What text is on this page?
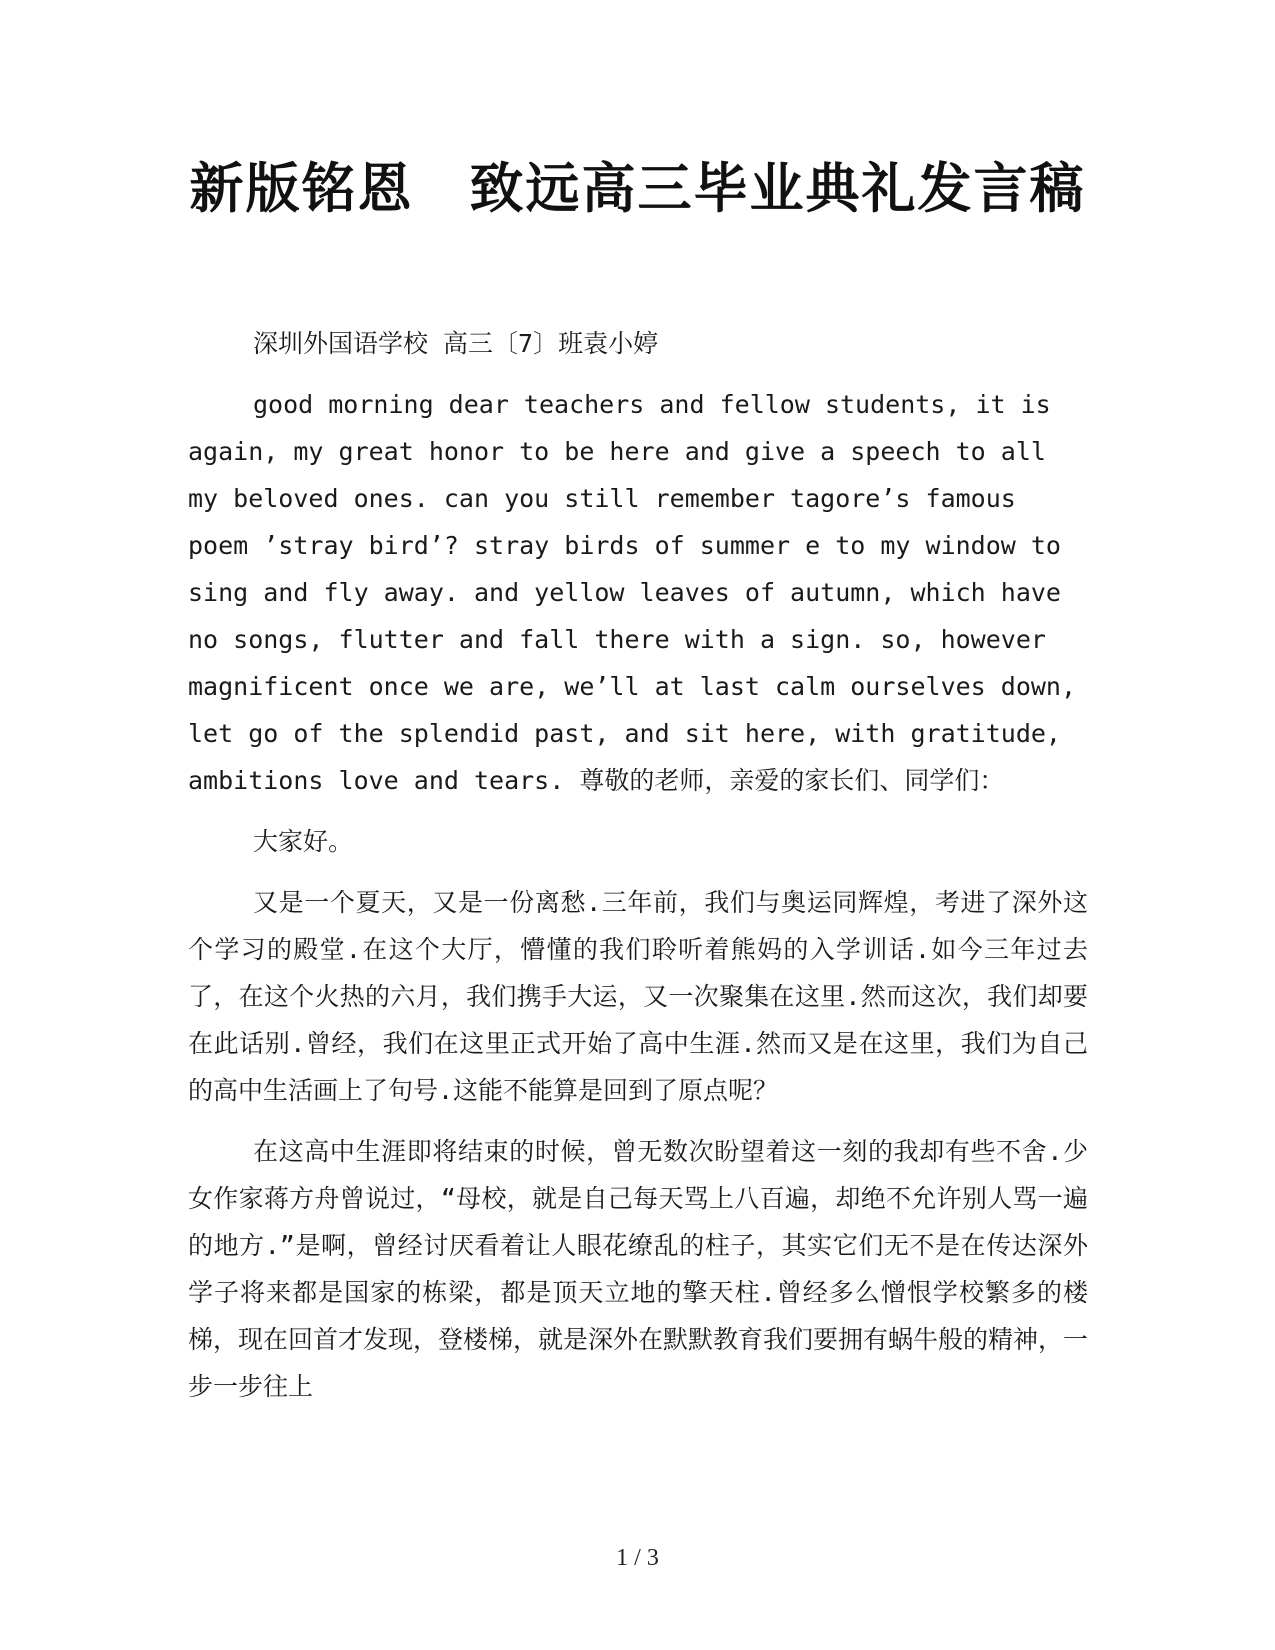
新版铭恩　致远高三毕业典礼发言稿

深圳外国语学校 高三〔7〕班袁小婷

good morning dear teachers and fellow students, it is again, my great honor to be here and give a speech to all my beloved ones. can you still remember tagore’s famous poem ’stray bird’? stray birds of summer e to my window to sing and fly away. and yellow leaves of autumn, which have no songs, flutter and fall there with a sign. so, however magnificent once we are, we’ll at last calm ourselves down, let go of the splendid past, and sit here, with gratitude, ambitions love and tears. 尊敬的老师，亲爱的家长们、同学们：

大家好。

又是一个夏天，又是一份离愁.三年前，我们与奥运同辉煌，考进了深外这个学习的殿堂.在这个大厅，懵懂的我们聆听着熊妈的入学训话.如今三年过去了，在这个火热的六月，我们携手大运，又一次聚集在这里.然而这次，我们却要在此话别.曾经，我们在这里正式开始了高中生涯.然而又是在这里，我们为自己的高中生活画上了句号.这能不能算是回到了原点呢？

在这高中生涯即将结束的时候，曾无数次盼望着这一刻的我却有些不舍.少女作家蒋方舟曾说过，“母校，就是自己每天骂上八百遍，却绝不允许别人骂一遍的地方.”是啊，曾经讨厌看着让人眼花缭乱的柱子，其实它们无不是在传达深外学子将来都是国家的栋梁，都是顶天立地的擎天柱.曾经多么憎恨学校繁多的楼梯，现在回首才发现，登楼梯，就是深外在默默教育我们要拥有蜗牛般的精神，一步一步往上

1 / 3
